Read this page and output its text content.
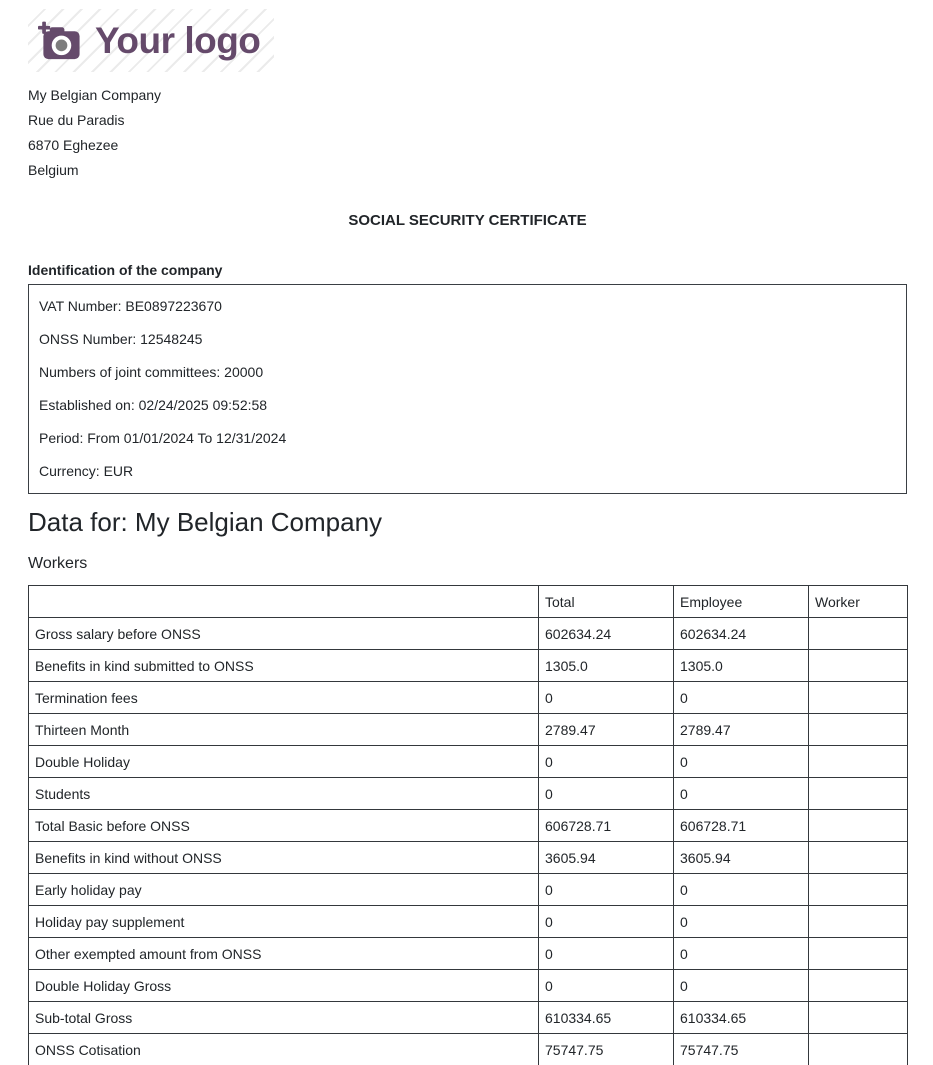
Your logo
My Belgian Company
Rue du Paradis
6870 Eghezee
Belgium
SOCIAL SECURITY CERTIFICATE
Identification of the company
VAT Number: BE0897223670
ONSS Number: 12548245
Numbers of joint committees: 20000
Established on: 02/24/2025 09:52:58
Period: From 01/01/2024 To 12/31/2024
Currency: EUR
Data for: My Belgian Company
Workers
	Total	Employee	Worker
Gross salary before ONSS	602634.24	602634.24	
Benefits in kind submitted to ONSS	1305.0	1305.0	
Termination fees	0	0	
Thirteen Month	2789.47	2789.47	
Double Holiday	0	0	
Students	0	0	
Total Basic before ONSS	606728.71	606728.71	
Benefits in kind without ONSS	3605.94	3605.94	
Early holiday pay	0	0	
Holiday pay supplement	0	0	
Other exempted amount from ONSS	0	0	
Double Holiday Gross	0	0	
Sub-total Gross	610334.65	610334.65	
ONSS Cotisation	75747.75	75747.75	
